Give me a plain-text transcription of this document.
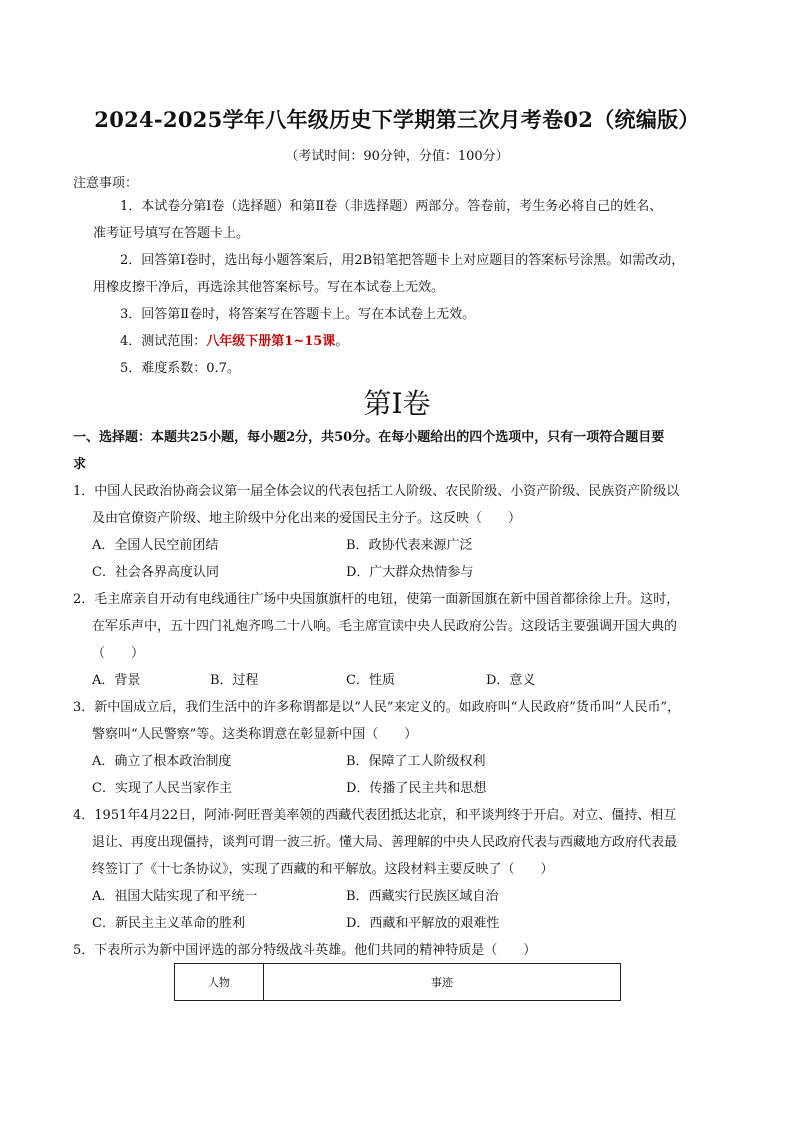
2024-2025学年八年级历史下学期第三次月考卷02（统编版）
（考试时间：90分钟，分值：100分）
注意事项：
1．本试卷分第Ⅰ卷（选择题）和第Ⅱ卷（非选择题）两部分。答卷前，考生务必将自己的姓名、
准考证号填写在答题卡上。
2．回答第Ⅰ卷时，选出每小题答案后，用2B铅笔把答题卡上对应题目的答案标号涂黑。如需改动，
用橡皮擦干净后，再选涂其他答案标号。写在本试卷上无效。
3．回答第Ⅱ卷时，将答案写在答题卡上。写在本试卷上无效。
4．测试范围：八年级下册第1~15课。
5．难度系数：0.7。
第Ⅰ卷
一、选择题：本题共25小题，每小题2分，共50分。在每小题给出的四个选项中，只有一项符合题目要
求
1．中国人民政治协商会议第一届全体会议的代表包括工人阶级、农民阶级、小资产阶级、民族资产阶级以
及由官僚资产阶级、地主阶级中分化出来的爱国民主分子。这反映（　　）
A．全国人民空前团结	B．政协代表来源广泛
C．社会各界高度认同	D．广大群众热情参与
2．毛主席亲自开动有电线通往广场中央国旗旗杆的电钮，使第一面新国旗在新中国首都徐徐上升。这时，
在军乐声中，五十四门礼炮齐鸣二十八响。毛主席宣读中央人民政府公告。这段话主要强调开国大典的
（　　）
A．背景	B．过程	C．性质	D．意义
3．新中国成立后，我们生活中的许多称谓都是以“人民”来定义的。如政府叫“人民政府”货币叫“人民币”，
警察叫“人民警察”等。这类称谓意在彰显新中国（　　）
A．确立了根本政治制度	B．保障了工人阶级权利
C．实现了人民当家作主	D．传播了民主共和思想
4．1951年4月22日，阿沛·阿旺晋美率领的西藏代表团抵达北京，和平谈判终于开启。对立、僵持、相互
退让、再度出现僵持，谈判可谓一波三折。懂大局、善理解的中央人民政府代表与西藏地方政府代表最
终签订了《十七条协议》，实现了西藏的和平解放。这段材料主要反映了（　　）
A．祖国大陆实现了和平统一	B．西藏实行民族区域自治
C．新民主主义革命的胜利	D．西藏和平解放的艰难性
5．下表所示为新中国评选的部分特级战斗英雄。他们共同的精神特质是（　　）
人物	事迹
